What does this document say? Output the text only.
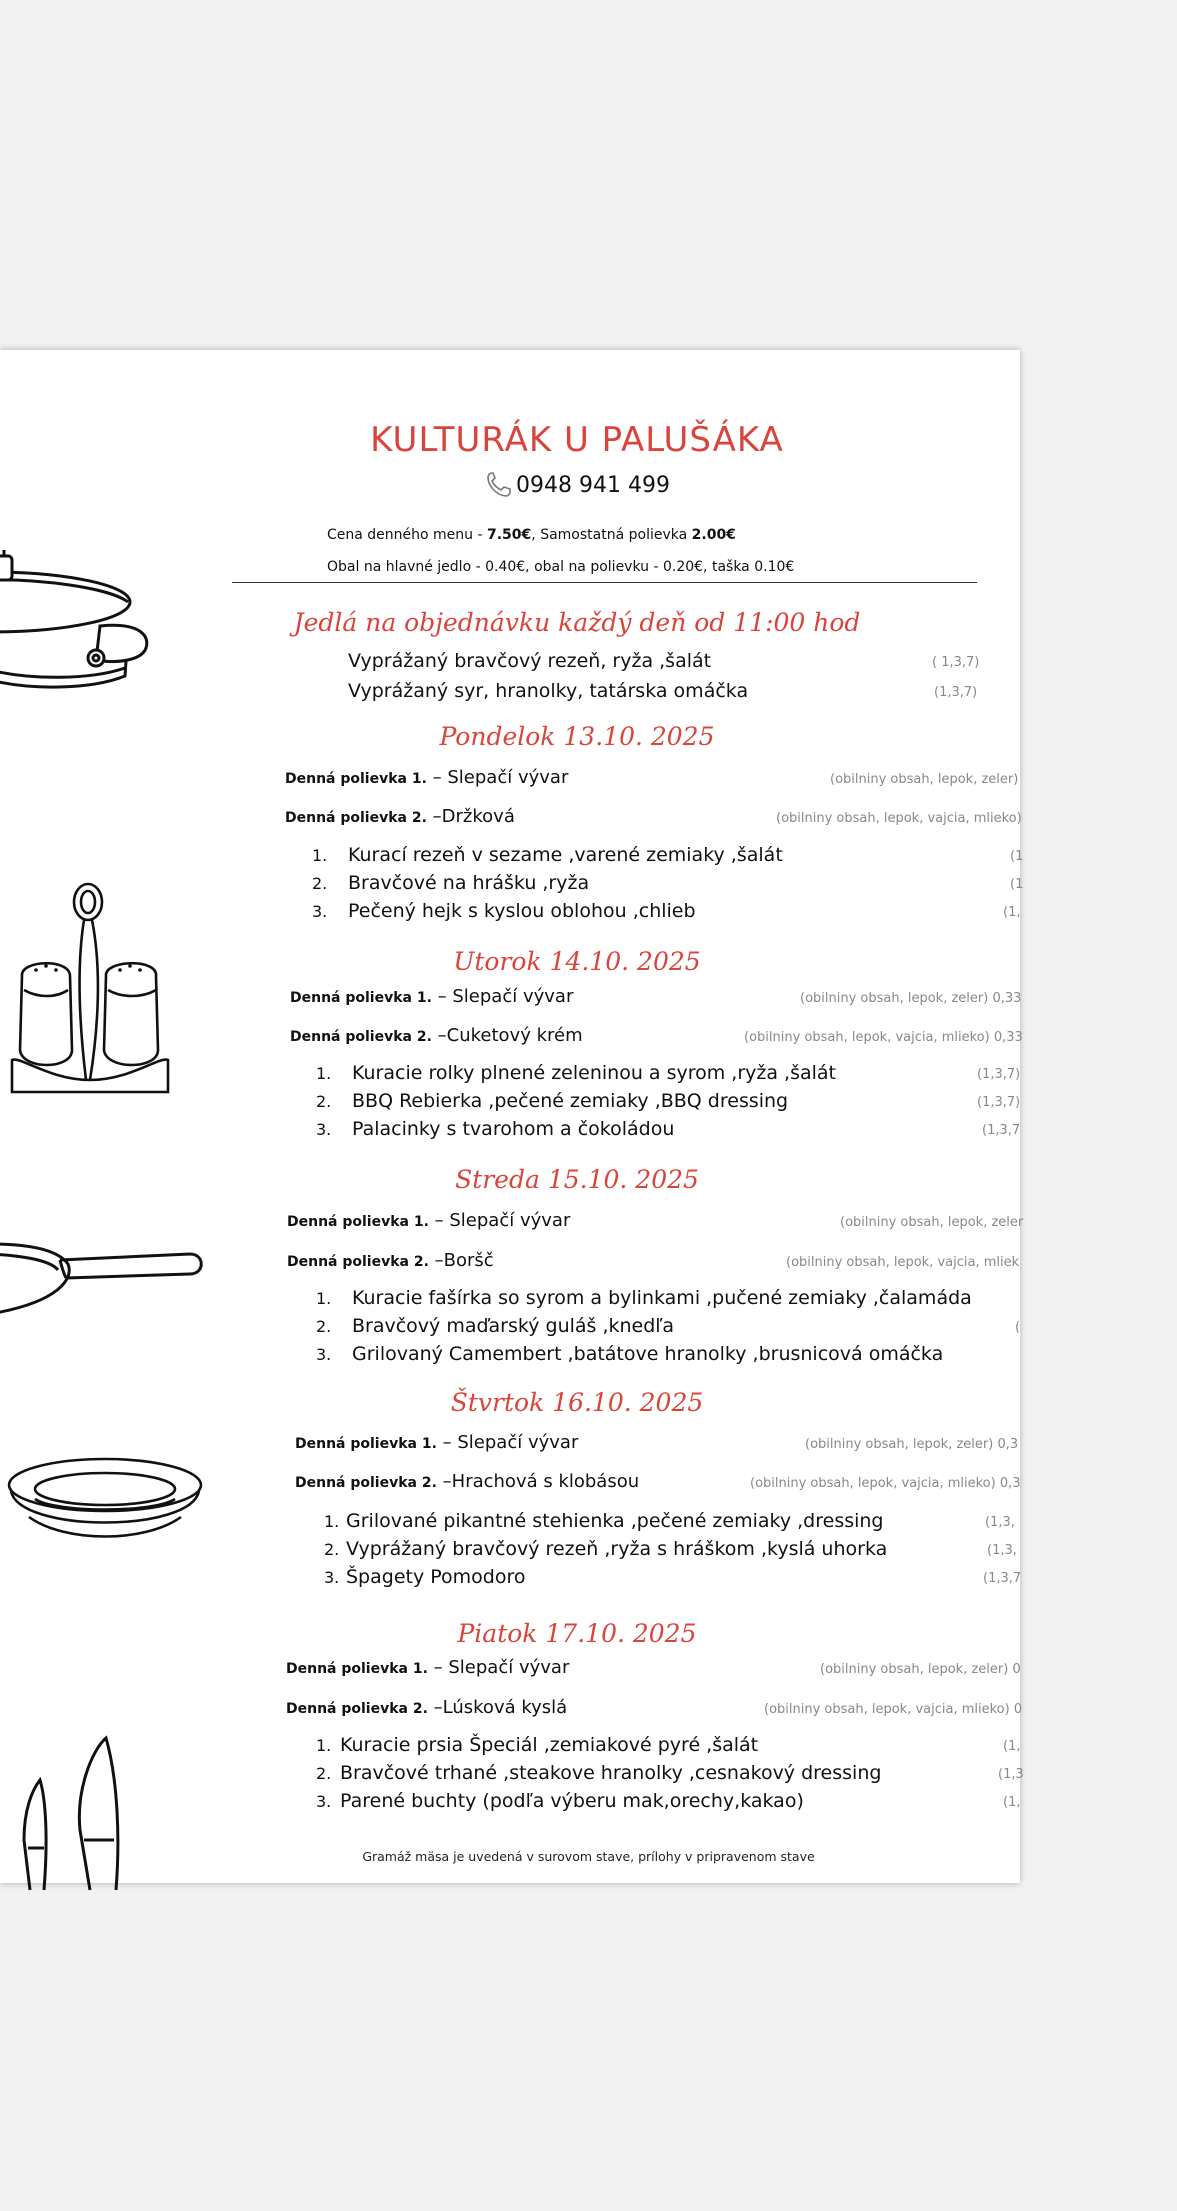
KULTURÁK U PALUŠÁKA
0948 941 499
Cena denného menu - 7.50€, Samostatná polievka 2.00€
Obal na hlavné jedlo - 0.40€, obal na polievku - 0.20€, taška 0.10€
Jedlá na objednávku každý deň od 11:00 hod
Vyprážaný bravčový rezeň, ryža ,šalát	( 1,3,7)
Vyprážaný syr, hranolky, tatárska omáčka	(1,3,7)
Pondelok 13.10. 2025
Denná polievka 1. – Slepačí vývar	(obilniny obsah, lepok, zeler)
Denná polievka 2. –Držková	(obilniny obsah, lepok, vajcia, mlieko)
1. Kurací rezeň v sezame ,varené zemiaky ,šalát	(1
2. Bravčové na hrášku ,ryža	(1
3. Pečený hejk s kyslou oblohou ,chlieb	(1,
Utorok 14.10. 2025
Denná polievka 1. – Slepačí vývar	(obilniny obsah, lepok, zeler) 0,33
Denná polievka 2. –Cuketový krém	(obilniny obsah, lepok, vajcia, mlieko) 0,33
1. Kuracie rolky plnené zeleninou a syrom ,ryža ,šalát	(1,3,7)
2. BBQ Rebierka ,pečené zemiaky ,BBQ dressing	(1,3,7)
3. Palacinky s tvarohom a čokoládou	(1,3,7
Streda 15.10. 2025
Denná polievka 1. – Slepačí vývar	(obilniny obsah, lepok, zeler
Denná polievka 2. –Boršč	(obilniny obsah, lepok, vajcia, mliek
1. Kuracie fašírka so syrom a bylinkami ,pučené zemiaky ,čalamáda
2. Bravčový maďarský guláš ,knedľa	(
3. Grilovaný Camembert ,batátove hranolky ,brusnicová omáčka
Štvrtok 16.10. 2025
Denná polievka 1. – Slepačí vývar	(obilniny obsah, lepok, zeler) 0,3
Denná polievka 2. –Hrachová s klobásou	(obilniny obsah, lepok, vajcia, mlieko) 0,3
1. Grilované pikantné stehienka ,pečené zemiaky ,dressing	(1,3,
2. Vyprážaný bravčový rezeň ,ryža s hráškom ,kyslá uhorka	(1,3,
3. Špagety Pomodoro	(1,3,7
Piatok 17.10. 2025
Denná polievka 1. – Slepačí vývar	(obilniny obsah, lepok, zeler) 0
Denná polievka 2. –Lúsková kyslá	(obilniny obsah, lepok, vajcia, mlieko) 0
1. Kuracie prsia Špeciál ,zemiakové pyré ,šalát	(1,
2. Bravčové trhané ,steakove hranolky ,cesnakový dressing	(1,3
3. Parené buchty (podľa výberu mak,orechy,kakao)	(1,
Gramáž mäsa je uvedená v surovom stave, prílohy v pripravenom stave
